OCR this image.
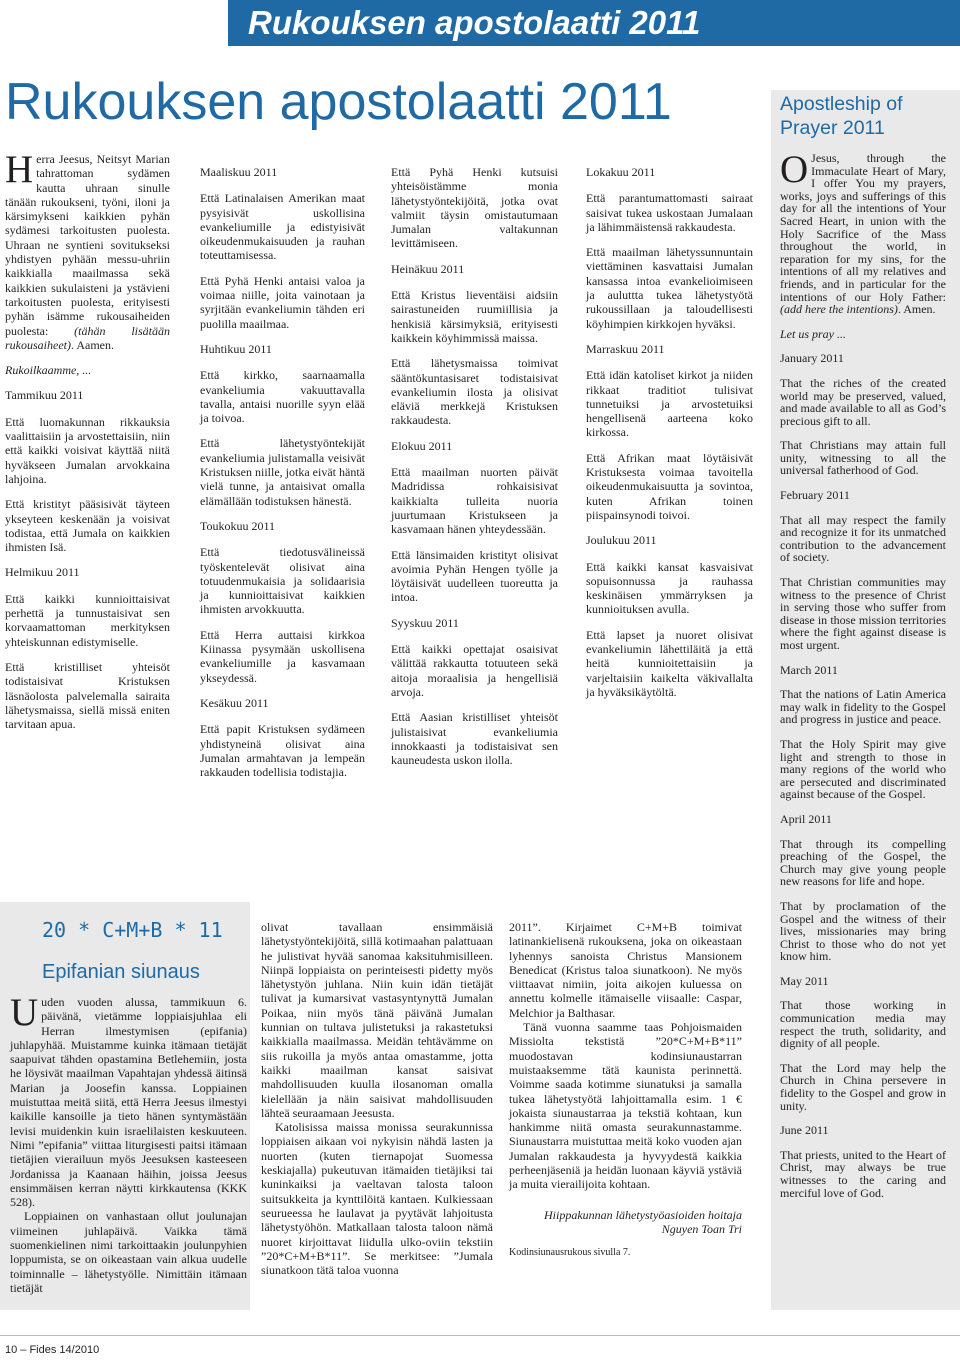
Rukouksen apostolaatti 2011
Rukouksen apostolaatti 2011	Apostleship of Prayer 2011

Herra Jeesus, Neitsyt Marian tahrattoman sydämen kautta uhraan sinulle tänään rukoukseni, työni, iloni ja kärsimykseni kaikkien pyhän sydämesi tarkoitusten puolesta. Uhraan ne syntieni sovitukseksi yhdistyen pyhään messu-uhriin kaikkialla maailmassa sekä kaikkien sukulaisteni ja ystävieni tarkoitusten puolesta, erityisesti pyhän isämme rukousaiheiden puolesta: (tähän lisätään rukousaiheet). Aamen.

Rukoilkaamme, ...

Tammikuu 2011

Että luomakunnan rikkauksia vaalittaisiin ja arvostettaisiin, niin että kaikki voisivat käyttää niitä hyväkseen Jumalan arvokkaina lahjoina.

Että kristityt pääsisivät täyteen ykseyteen keskenään ja voisivat todistaa, että Jumala on kaikkien ihmisten Isä.

Helmikuu 2011

Että kaikki kunnioittaisivat perhettä ja tunnustaisivat sen korvaamattoman merkityksen yhteiskunnan edistymiselle.

Että kristilliset yhteisöt todistaisivat Kristuksen läsnäolosta palvelemalla sairaita lähetysmaissa, siellä missä eniten tarvitaan apua.

Maaliskuu 2011

Että Latinalaisen Amerikan maat pysyisivät uskollisina evankeliumille ja edistyisivät oikeudenmukaisuuden ja rauhan toteuttamisessa.

Että Pyhä Henki antaisi valoa ja voimaa niille, joita vainotaan ja syrjitään evankeliumin tähden eri puolilla maailmaa.

Huhtikuu 2011

Että kirkko, saarnaamalla evankeliumia vakuuttavalla tavalla, antaisi nuorille syyn elää ja toivoa.

Että lähetystyöntekijät evankeliumia julistamalla veisivät Kristuksen niille, jotka eivät häntä vielä tunne, ja antaisivat omalla elämällään todistuksen hänestä.

Toukokuu 2011

Että tiedotusvälineissä työskentelevät olisivat aina totuudenmukaisia ja solidaarisia ja kunnioittaisivat kaikkien ihmisten arvokkuutta.

Että Herra auttaisi kirkkoa Kiinassa pysymään uskollisena evankeliumille ja kasvamaan ykseydessä.

Kesäkuu 2011

Että papit Kristuksen sydämeen yhdistyneinä olisivat aina Jumalan armahtavan ja lempeän rakkauden todellisia todistajia.

Että Pyhä Henki kutsuisi yhteisöistämme monia lähetystyöntekijöitä, jotka ovat valmiit täysin omistautumaan Jumalan valtakunnan levittämiseen.

Heinäkuu 2011

Että Kristus lieventäisi aidsiin sairastuneiden ruumiillisia ja henkisiä kärsimyksiä, erityisesti kaikkein köyhimmissä maissa.

Että lähetysmaissa toimivat sääntökuntasisaret todistaisivat evankeliumin ilosta ja olisivat eläviä merkkejä Kristuksen rakkaudesta.

Elokuu 2011

Että maailman nuorten päivät Madridissa rohkaisisivat kaikkialta tulleita nuoria juurtumaan Kristukseen ja kasvamaan hänen yhteydessään.

Että länsimaiden kristityt olisivat avoimia Pyhän Hengen työlle ja löytäisivät uudelleen tuoreutta ja intoa.

Syyskuu 2011

Että kaikki opettajat osaisivat välittää rakkautta totuuteen sekä aitoja moraalisia ja hengellisiä arvoja.

Että Aasian kristilliset yhteisöt julistaisivat evankeliumia innokkaasti ja todistaisivat sen kauneudesta uskon ilolla.

Lokakuu 2011

Että parantumattomasti sairaat saisivat tukea uskostaan Jumalaan ja lähimmäistensä rakkaudesta.

Että maailman lähetyssunnuntain viettäminen kasvattaisi Jumalan kansassa intoa evankelioimiseen ja auluttta tukea lähetystyötä rukoussillaan ja taloudellisesti köyhimpien kirkkojen hyväksi.

Marraskuu 2011

Että idän katoliset kirkot ja niiden rikkaat traditiot tulisivat tunnetuiksi ja arvostetuiksi hengellisenä aarteena koko kirkossa.

Että Afrikan maat löytäisivät Kristuksesta voimaa tavoitella oikeudenmukaisuutta ja sovintoa, kuten Afrikan toinen piispainsynodi toivoi.

Joulukuu 2011

Että kaikki kansat kasvaisivat sopuisonnussa ja rauhassa keskinäisen ymmärryksen ja kunnioituksen avulla.

Että lapset ja nuoret olisivat evankeliumin lähettiläitä ja että heitä kunnioitettaisiin ja varjeltaisiin kaikelta väkivallalta ja hyväksikäytöltä.

O Jesus, through the Immaculate Heart of Mary, I offer You my prayers, works, joys and sufferings of this day for all the intentions of Your Sacred Heart, in union with the Holy Sacrifice of the Mass throughout the world, in reparation for my sins, for the intentions of all my relatives and friends, and in particular for the intentions of our Holy Father: (add here the intentions). Amen.

Let us pray ...

January 2011

That the riches of the created world may be preserved, valued, and made available to all as God’s precious gift to all.

That Christians may attain full unity, witnessing to all the universal fatherhood of God.

February 2011

That all may respect the family and recognize it for its unmatched contribution to the advancement of society.

That Christian communities may witness to the presence of Christ in serving those who suffer from disease in those mission territories where the fight against disease is most urgent.

March 2011

That the nations of Latin America may walk in fidelity to the Gospel and progress in justice and peace.

That the Holy Spirit may give light and strength to those in many regions of the world who are persecuted and discriminated against because of the Gospel.

April 2011

That through its compelling preaching of the Gospel, the Church may give young people new reasons for life and hope.

That by proclamation of the Gospel and the witness of their lives, missionaries may bring Christ to those who do not yet know him.

May 2011

That those working in communication media may respect the truth, solidarity, and dignity of all people.

That the Lord may help the Church in China persevere in fidelity to the Gospel and grow in unity.

June 2011

That priests, united to the Heart of Christ, may always be true witnesses to the caring and merciful love of God.

20 * C+M+B * 11
Epifanian siunaus

Uuden vuoden alussa, tammikuun 6. päivänä, vietämme loppiaisjuhlaa eli Herran ilmestymisen (epifania) juhlapyhää. Muistamme kuinka itämaan tietäjät saapuivat tähden opastamina Betlehemiin, josta he löysivät maailman Vapahtajan yhdessä äitinsä Marian ja Joosefin kanssa. Loppiainen muistuttaa meitä siitä, että Herra Jeesus ilmestyi kaikille kansoille ja tieto hänen syntymästään levisi muidenkin kuin israelilaisten keskuuteen. Nimi ”epifania” viittaa liturgisesti paitsi itämaan tietäjien vierailuun myös Jeesuksen kasteeseen Jordanissa ja Kaanaan häihin, joissa Jeesus ensimmäisen kerran näytti kirkkautensa (KKK 528).

Loppiainen on vanhastaan ollut joulunajan viimeinen juhlapäivä. Vaikka tämä suomenkielinen nimi tarkoittaakin joulunpyhien loppumista, se on oikeastaan vain alkua uudelle toiminnalle – lähetystyölle. Nimittäin itämaan tietäjät

olivat tavallaan ensimmäisiä lähetystyöntekijöitä, sillä kotimaahan palattuaan he julistivat hyvää sanomaa kaksituhmisilleen. Niinpä loppiaista on perinteisesti pidetty myös lähetystyön juhlana. Niin kuin idän tietäjät tulivat ja kumarsivat vastasyntynyttä Jumalan Poikaa, niin myös tänä päivänä Jumalan kunnian on tultava julistetuksi ja rakastetuksi kaikkialla maailmassa. Meidän tehtävämme on siis rukoilla ja myös antaa omastamme, jotta kaikki maailman kansat saisivat mahdollisuuden kuulla ilosanoman omalla kielellään ja näin saisivat mahdollisuuden lähteä seuraamaan Jeesusta.

Katolisissa maissa monissa seurakunnissa loppiaisen aikaan voi nykyisin nähdä lasten ja nuorten (kuten tiernapojat Suomessa keskiajalla) pukeutuvan itämaiden tietäjiksi tai kuninkaiksi ja vaeltavan talosta taloon suitsukkeita ja kynttilöitä kantaen. Kulkiessaan seurueessa he laulavat ja pyytävät lahjoitusta lähetystyöhön. Matkallaan talosta taloon nämä nuoret kirjoittavat liidulla ulko-oviin tekstiin ”20*C+M+B*11”. Se merkitsee: ”Jumala siunatkoon tätä taloa vuonna

2011”. Kirjaimet C+M+B toimivat latinankielisenä rukouksena, joka on oikeastaan lyhennys sanoista Christus Mansionem Benedicat (Kristus taloa siunatkoon). Ne myös viittaavat nimiin, joita aikojen kuluessa on annettu kolmelle itämaiselle viisaalle: Caspar, Melchior ja Balthasar.

Tänä vuonna saamme taas Pohjoismaiden Missiolta tekstistä ”20*C+M+B*11” muodostavan kodinsiunaustarran muistaaksemme tätä kaunista perinnettä. Voimme saada kotimme siunatuksi ja samalla tukea lähetystyötä lahjoittamalla esim. 1 € jokaista siunaustarraa ja tekstiä kohtaan, kun hankimme niitä omasta seurakunnastamme. Siunaustarra muistuttaa meitä koko vuoden ajan Jumalan rakkaudesta ja hyvyydestä kaikkia perheenjäseniä ja heidän luonaan käyviä ystäviä ja muita vierailijoita kohtaan.

Hiippakunnan lähetystyöasioiden hoitaja
Nguyen Toan Tri

Kodinsiunausrukous sivulla 7.

10 – Fides 14/2010
